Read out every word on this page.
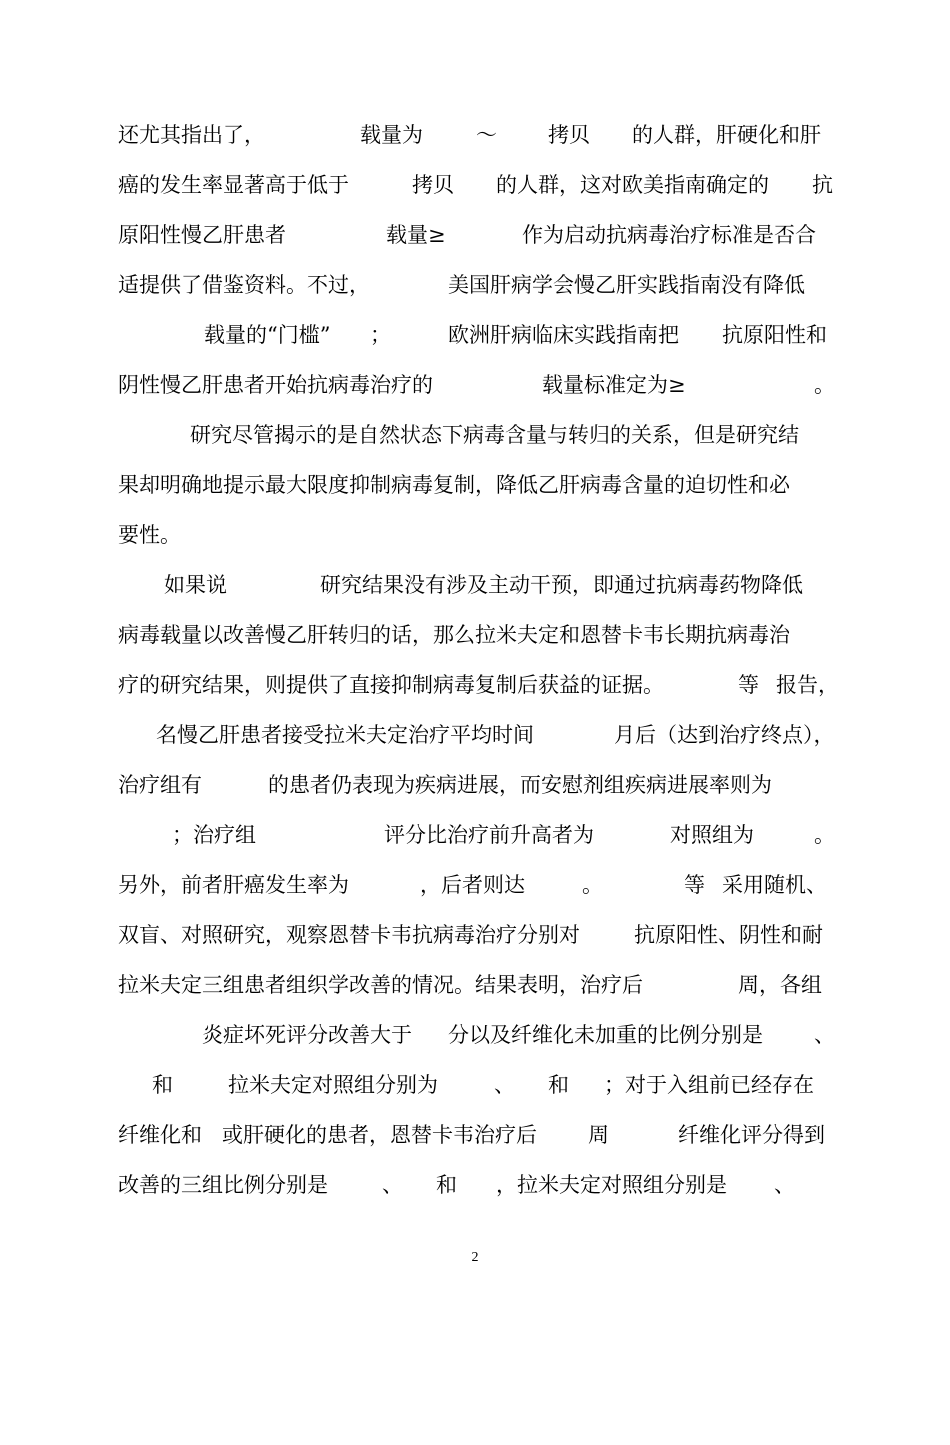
还尤其指出了，

	载量为

	～

拷贝

的人群，肝硬化和肝

癌的发生率显著高于低于

	拷贝

的人群，这对欧美指南确定的

抗

原阳性慢乙肝患者

	载量≥

	作为启动抗病毒治疗标准是否合

适提供了借鉴资料。不过，

	美国肝病学会慢乙肝实践指南没有降低

载量的“门槛”

；

	欧洲肝病临床实践指南把

抗原阳性和

阴性慢乙肝患者开始抗病毒治疗的

	载量标准定为≥

	。

研究尽管揭示的是自然状态下病毒含量与转归的关系，但是研究结

果却明确地提示最大限度抑制病毒复制，降低乙肝病毒含量的迫切性和必

要性。

如果说

	研究结果没有涉及主动干预，即通过抗病毒药物降低

病毒载量以改善慢乙肝转归的话，那么拉米夫定和恩替卡韦长期抗病毒治

疗的研究结果，则提供了直接抑制病毒复制后获益的证据。

	等

报告，

名慢乙肝患者接受拉米夫定治疗平均时间

	月后（达到治疗终点），

治疗组有

	的患者仍表现为疾病进展，而安慰剂组疾病进展率则为

；治疗组

	评分比治疗前升高者为

	对照组为

	。

另外，前者肝癌发生率为

	，后者则达

	。

	等

采用随机、

双盲、对照研究，观察恩替卡韦抗病毒治疗分别对

	抗原阳性、阴性和耐

拉米夫定三组患者组织学改善的情况。结果表明，治疗后

	周，各组

炎症坏死评分改善大于

分以及纤维化未加重的比例分别是

、

和

	拉米夫定对照组分别为

	、

和

；对于入组前已经存在

纤维化和

或肝硬化的患者，恩替卡韦治疗后

周

	纤维化评分得到

改善的三组比例分别是

	、

和

，拉米夫定对照组分别是

、

2
